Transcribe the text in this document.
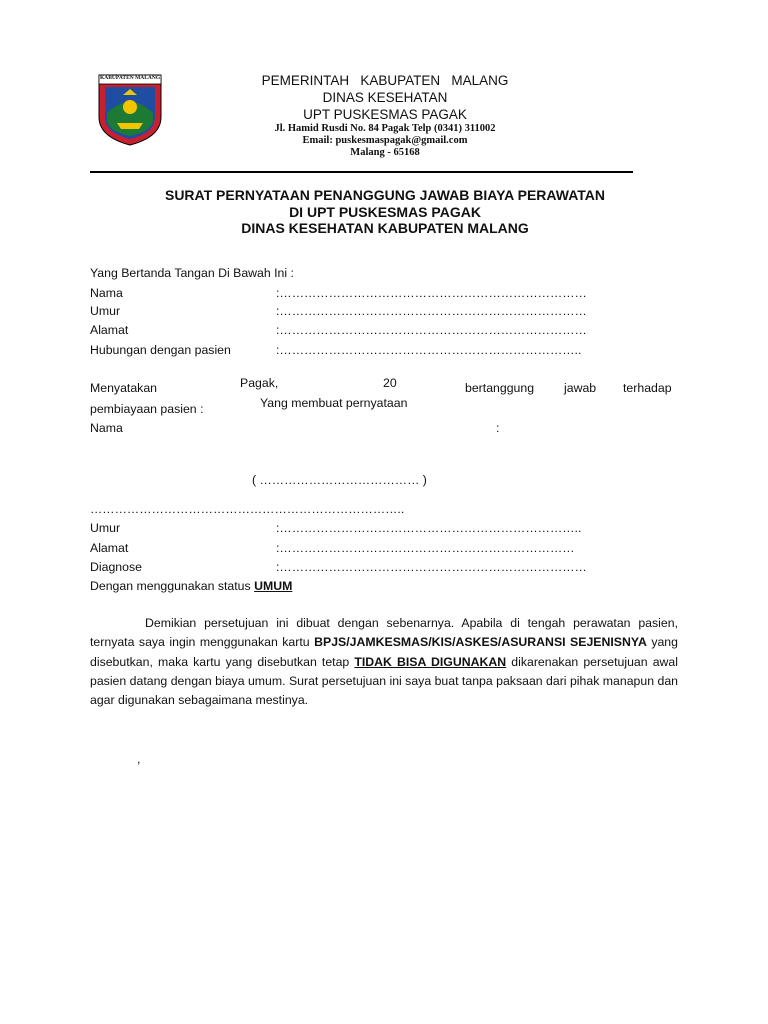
KABUPATEN MALANG	PEMERINTAH   KABUPATEN   MALANG
DINAS KESEHATAN
UPT PUSKESMAS PAGAK
Jl. Hamid Rusdi No. 84 Pagak Telp (0341) 311002
Email: puskesmaspagak@gmail.com
Malang - 65168
SURAT PERNYATAAN PENANGGUNG JAWAB BIAYA PERAWATAN
DI UPT PUSKESMAS PAGAK
DINAS KESEHATAN KABUPATEN MALANG
Yang Bertanda Tangan Di Bawah Ini :
Nama	:…………………………………………………………………
Umur	:…………………………………………………………………
Alamat	:…………………………………………………………………
Hubungan dengan pasien	:………………………………………………………………..
Menyatakan	Pagak,	20	bertanggung jawab terhadap
pembiayaan pasien :	Yang membuat pernyataan
Nama	:
( ………………………………… )
…………………………………………………………………..
Umur	:………………………………………………………………..
Alamat	:………………………………………………………………
Diagnose	:…………………………………………………………………
Dengan menggunakan status UMUM
Demikian persetujuan ini dibuat dengan sebenarnya. Apabila di tengah perawatan pasien, ternyata saya ingin menggunakan kartu BPJS/JAMKESMAS/KIS/ASKES/ASURANSI SEJENISNYA yang disebutkan, maka kartu yang disebutkan tetap TIDAK BISA DIGUNAKAN dikarenakan persetujuan awal pasien datang dengan biaya umum. Surat persetujuan ini saya buat tanpa paksaan dari pihak manapun dan agar digunakan sebagaimana mestinya.
,
